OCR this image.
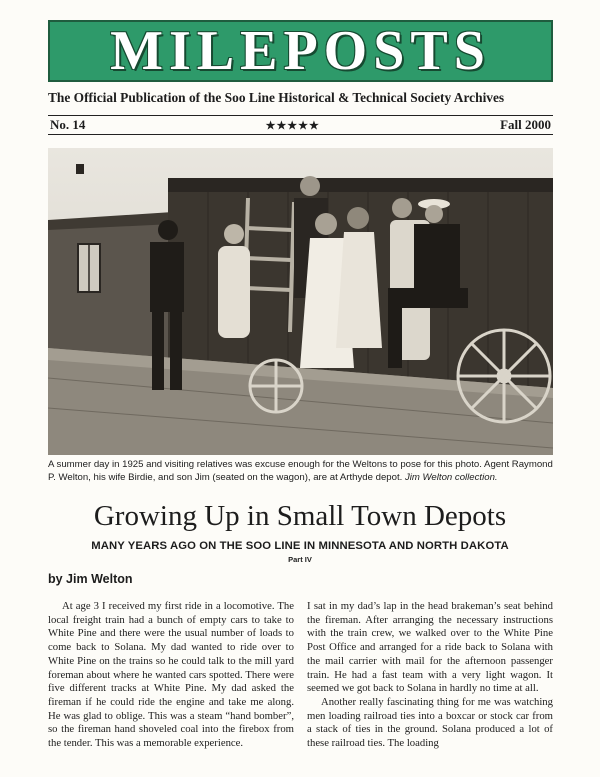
MILEPOSTS
The Official Publication of the Soo Line Historical & Technical Society Archives
No. 14	★★★★★	Fall 2000
A summer day in 1925 and visiting relatives was excuse enough for the Weltons to pose for this photo. Agent Raymond P. Welton, his wife Birdie, and son Jim (seated on the wagon), are at Arthyde depot. Jim Welton collection.
Growing Up in Small Town Depots
MANY YEARS AGO ON THE SOO LINE IN MINNESOTA AND NORTH DAKOTA
Part IV
by Jim Welton
At age 3 I received my first ride in a locomotive. The local freight train had a bunch of empty cars to take to White Pine and there were the usual number of loads to come back to Solana. My dad wanted to ride over to White Pine on the trains so he could talk to the mill yard foreman about where he wanted cars spotted. There were five different tracks at White Pine. My dad asked the fireman if he could ride the engine and take me along. He was glad to oblige. This was a steam “hand bomber”, so the fireman hand shoveled coal into the firebox from the tender. This was a memorable experience.

I sat in my dad’s lap in the head brakeman’s seat behind the fireman. After arranging the necessary instructions with the train crew, we walked over to the White Pine Post Office and arranged for a ride back to Solana with the mail carrier with mail for the afternoon passenger train. He had a fast team with a very light wagon. It seemed we got back to Solana in hardly no time at all.

Another really fascinating thing for me was watching men loading railroad ties into a boxcar or stock car from a stack of ties in the ground. Solana produced a lot of these railroad ties. The loading
